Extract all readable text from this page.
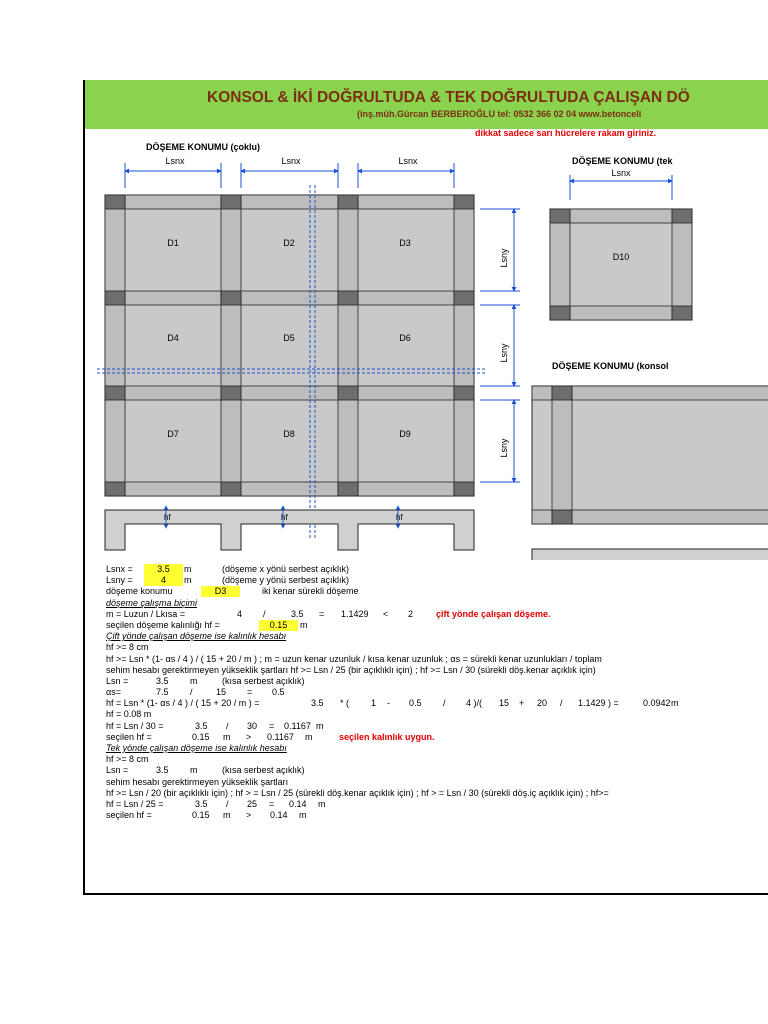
KONSOL & İKİ DOĞRULTUDA & TEK DOĞRULTUDA ÇALIŞAN DÖ
(inş.müh.Gürcan BERBEROĞLU tel: 0532 366 02 04 www.betonceli
dikkat sadece sarı hücrelere rakam giriniz.
D1	D2	D3
D4	D5	D6
D7	D8	D9
DÖŞEME KONUMU (çoklu)
DÖŞEME KONUMU (tek
DÖŞEME KONUMU (konsol
Lsnx	Lsnx	Lsnx
Lsny
Lsny
Lsny
hf	hf	hf
D10
Lsnx
Lsnx =	3.5	m	(döşeme x yönü serbest açıklık)
Lsny =	4	m	(döşeme y yönü serbest açıklık)
döşeme konumu	D3	iki kenar sürekli döşeme
döşeme çalışma biçimi
m = Luzun / Lkısa =	4 /	3.5 = 1.1429 < 2	çift yönde çalışan döşeme.
seçilen döşeme kalınlığı hf =	0.15	m
Çift yönde çalışan döşeme ise kalınlık hesabı
hf >= 8 cm
hf >= Lsn * (1- αs / 4 ) / ( 15 + 20 / m ) ; m = uzun kenar uzunluk / kısa kenar uzunluk ; αs = sürekli kenar uzunlukları / toplam
sehim hesabı gerektirmeyen yükseklik şartları hf >= Lsn / 25 (bir açıklıklı için) ; hf >= Lsn / 30 (sürekli döş.kenar açıklık için)
Lsn =	3.5 m	(kısa serbest açıklık)
αs=	7.5 /	15 = 0.5
hf = Lsn * (1- αs / 4 ) / ( 15 + 20 / m ) =	3.5 * ( 1 - 0.5 / 4 )/( 15 + 20 / 1.1429 ) =	0.0942 m
hf = 0.08 m
hf = Lsn / 30 =	3.5 / 30 = 0.1167 m
seçilen hf =	0.15 m > 0.1167 m	seçilen kalınlık uygun.
Tek yönde çalışan döşeme ise kalınlık hesabı
hf >= 8 cm
Lsn =	3.5 m	(kısa serbest açıklık)
sehim hesabı gerektirmeyen yükseklik şartları
hf >= Lsn / 20 (bir açıklıklı için) ; hf > = Lsn / 25 (sürekli döş.kenar açıklık için) ; hf > = Lsn / 30 (sürekli döş.iç açıklık için) ; hf>=
hf = Lsn / 25 =	3.5 / 25 = 0.14 m
seçilen hf =	0.15 m > 0.14 m
